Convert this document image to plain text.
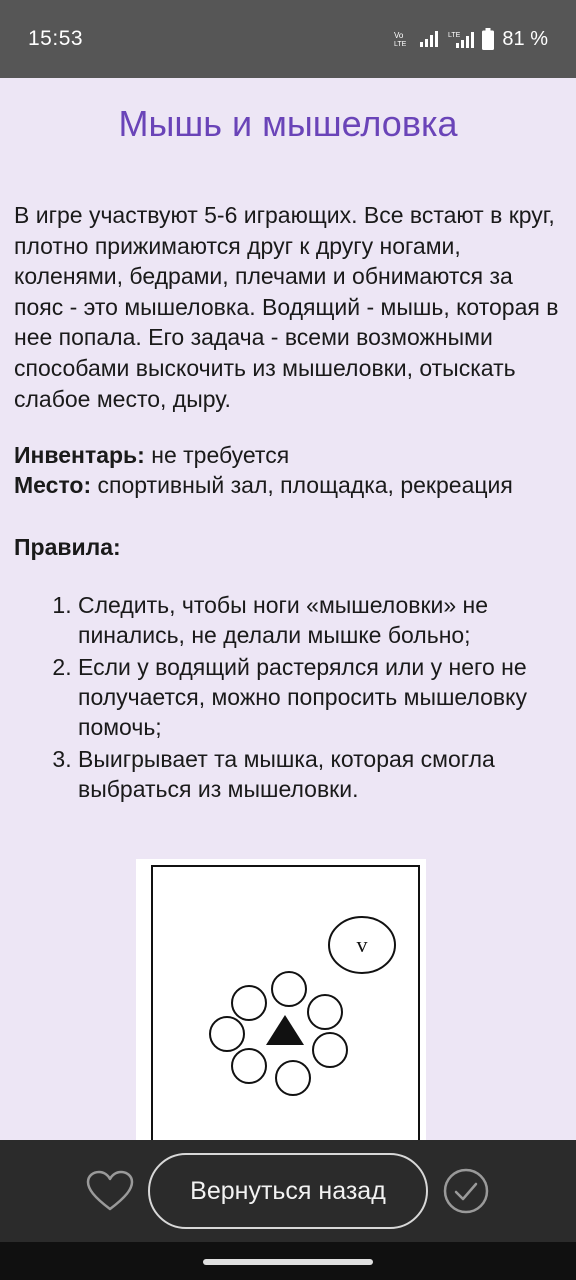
15:53	Vo
LTE
LTE 81 %
Мышь и мышеловка

В игре участвуют 5-6 играющих. Все встают в круг, плотно прижимаются друг к другу ногами, коленями, бедрами, плечами и обнимаются за пояс - это мышеловка. Водящий - мышь, которая в нее попала. Его задача - всеми возможными способами выскочить из мышеловки, отыскать слабое место, дыру.

Инвентарь: не требуется
Место: спортивный зал, площадка, рекреация

Правила:

1. Следить, чтобы ноги «мышеловки» не пинались, не делали мышке больно;
2. Если у водящий растерялся или у него не получается, можно попросить мышеловку помочь;
3. Выигрывает та мышка, которая смогла выбраться из мышеловки.
v
Вернуться назад
